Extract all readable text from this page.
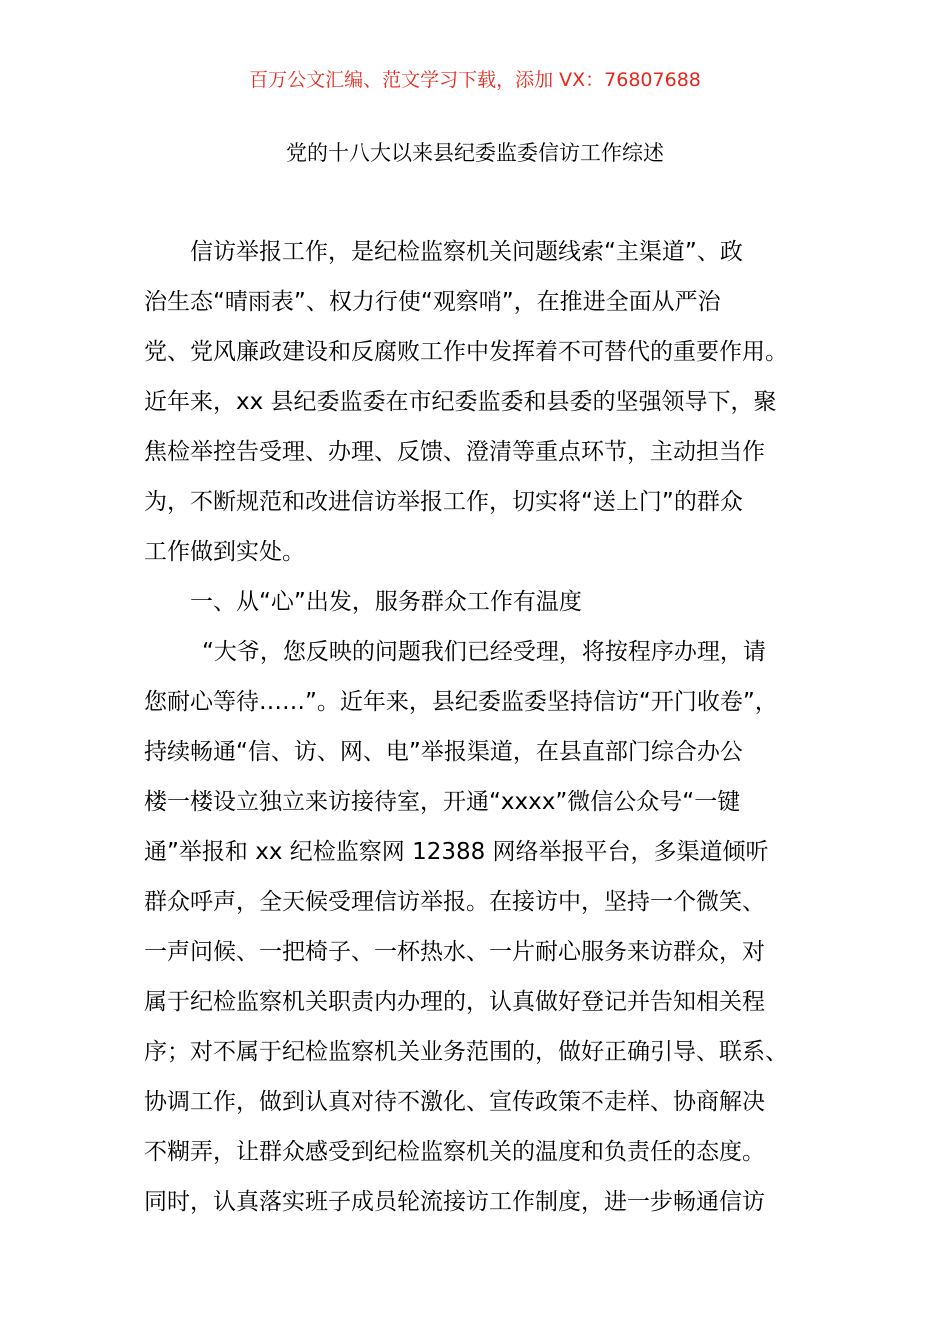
百万公文汇编、范文学习下载，添加 VX：76807688
党的十八大以来县纪委监委信访工作综述
信访举报工作，是纪检监察机关问题线索“主渠道”、政
治生态“晴雨表”、权力行使“观察哨”，在推进全面从严治
党、党风廉政建设和反腐败工作中发挥着不可替代的重要作用。
近年来，xx 县纪委监委在市纪委监委和县委的坚强领导下，聚
焦检举控告受理、办理、反馈、澄清等重点环节，主动担当作
为，不断规范和改进信访举报工作，切实将“送上门”的群众
工作做到实处。
一、从“心”出发，服务群众工作有温度
“大爷，您反映的问题我们已经受理，将按程序办理，请
您耐心等待……”。近年来，县纪委监委坚持信访“开门收卷”，
持续畅通“信、访、网、电”举报渠道，在县直部门综合办公
楼一楼设立独立来访接待室，开通“xxxx”微信公众号“一键
通”举报和 xx 纪检监察网 12388 网络举报平台，多渠道倾听
群众呼声，全天候受理信访举报。在接访中，坚持一个微笑、
一声问候、一把椅子、一杯热水、一片耐心服务来访群众，对
属于纪检监察机关职责内办理的，认真做好登记并告知相关程
序；对不属于纪检监察机关业务范围的，做好正确引导、联系、
协调工作，做到认真对待不激化、宣传政策不走样、协商解决
不糊弄，让群众感受到纪检监察机关的温度和负责任的态度。
同时，认真落实班子成员轮流接访工作制度，进一步畅通信访
